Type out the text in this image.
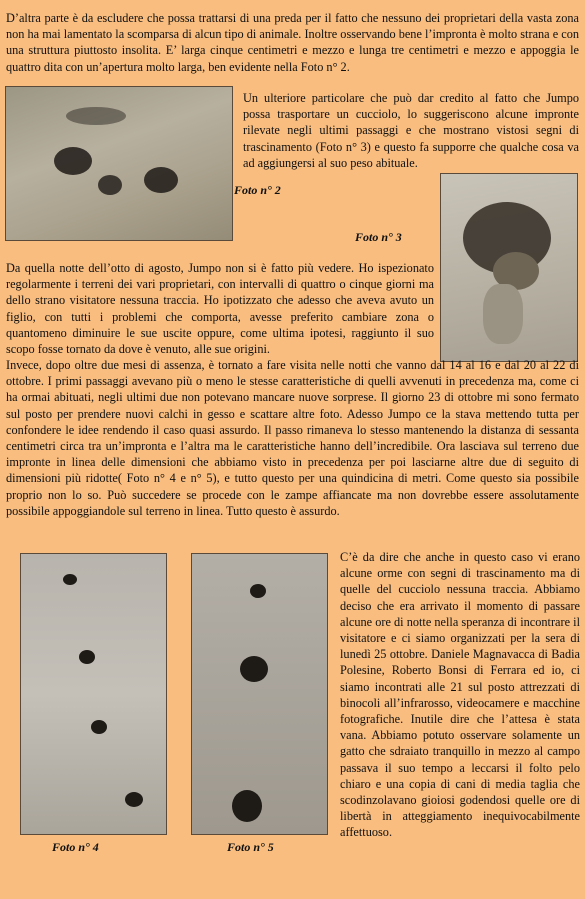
D’altra parte è da escludere che possa trattarsi di una preda per il fatto che nessuno dei proprietari della vasta zona non ha mai lamentato la scomparsa di alcun tipo di animale. Inoltre osservando bene l’impronta è molto strana e con una struttura piuttosto insolita. E’ larga cinque centimetri e mezzo e lunga tre centimetri e mezzo e appoggia le quattro dita con un’apertura molto larga, ben evidente nella Foto n° 2.

Foto n° 2

Un ulteriore particolare che può dar credito al fatto che Jumpo possa trasportare un cucciolo, lo suggeriscono alcune impronte rilevate negli ultimi passaggi e che mostrano vistosi segni di trascinamento (Foto n° 3) e questo fa supporre che qualche cosa va ad aggiungersi al suo peso abituale.

Foto n° 3

Da quella notte dell’otto di agosto, Jumpo non si è fatto più vedere. Ho ispezionato regolarmente i terreni dei vari proprietari, con intervalli di quattro o cinque giorni ma dello strano visitatore nessuna traccia. Ho ipotizzato che adesso che aveva avuto un figlio, con tutti i problemi che comporta, avesse preferito cambiare zona o quantomeno diminuire le sue uscite oppure, come ultima ipotesi, raggiunto il suo scopo fosse tornato da dove è venuto, alle sue origini.

Invece, dopo oltre due mesi di assenza, è tornato a fare visita nelle notti che vanno dal 14 al 16 e dal 20 al 22 di ottobre. I primi passaggi avevano più o meno le stesse caratteristiche di quelli avvenuti in precedenza ma, come ci ha ormai abituati, negli ultimi due non potevano mancare nuove sorprese. Il giorno 23 di ottobre mi sono fermato sul posto per prendere nuovi calchi in gesso e scattare altre foto. Adesso Jumpo ce la stava mettendo tutta per confondere le idee rendendo il caso quasi assurdo. Il passo rimaneva lo stesso mantenendo la distanza di sessanta centimetri circa tra un’impronta e l’altra ma le caratteristiche hanno dell’incredibile. Ora lasciava sul terreno due impronte in linea delle dimensioni che abbiamo visto in precedenza per poi lasciarne altre due di seguito di dimensioni più ridotte( Foto n° 4 e n° 5), e tutto questo per una quindicina di metri. Come questo sia possibile proprio non lo so. Può succedere se procede con le zampe affiancate ma non dovrebbe essere assolutamente possibile appoggiandole sul terreno in linea. Tutto questo è assurdo.

Foto n° 4	Foto n° 5

C’è da dire che anche in questo caso vi erano alcune orme con segni di trascinamento ma di quelle del cucciolo nessuna traccia. Abbiamo deciso che era arrivato il momento di passare alcune ore di notte nella speranza di incontrare il visitatore e ci siamo organizzati per la sera di lunedì 25 ottobre. Daniele Magnavacca di Badia Polesine, Roberto Bonsi di Ferrara ed io, ci siamo incontrati alle 21 sul posto attrezzati di binocoli all’infrarosso, videocamere e macchine fotografiche. Inutile dire che l’attesa è stata vana. Abbiamo potuto osservare solamente un gatto che sdraiato tranquillo in mezzo al campo passava il suo tempo a leccarsi il folto pelo chiaro e una copia di cani di media taglia che scodinzolavano gioiosi godendosi quelle ore di libertà in atteggiamento inequivocabilmente affettuoso.
